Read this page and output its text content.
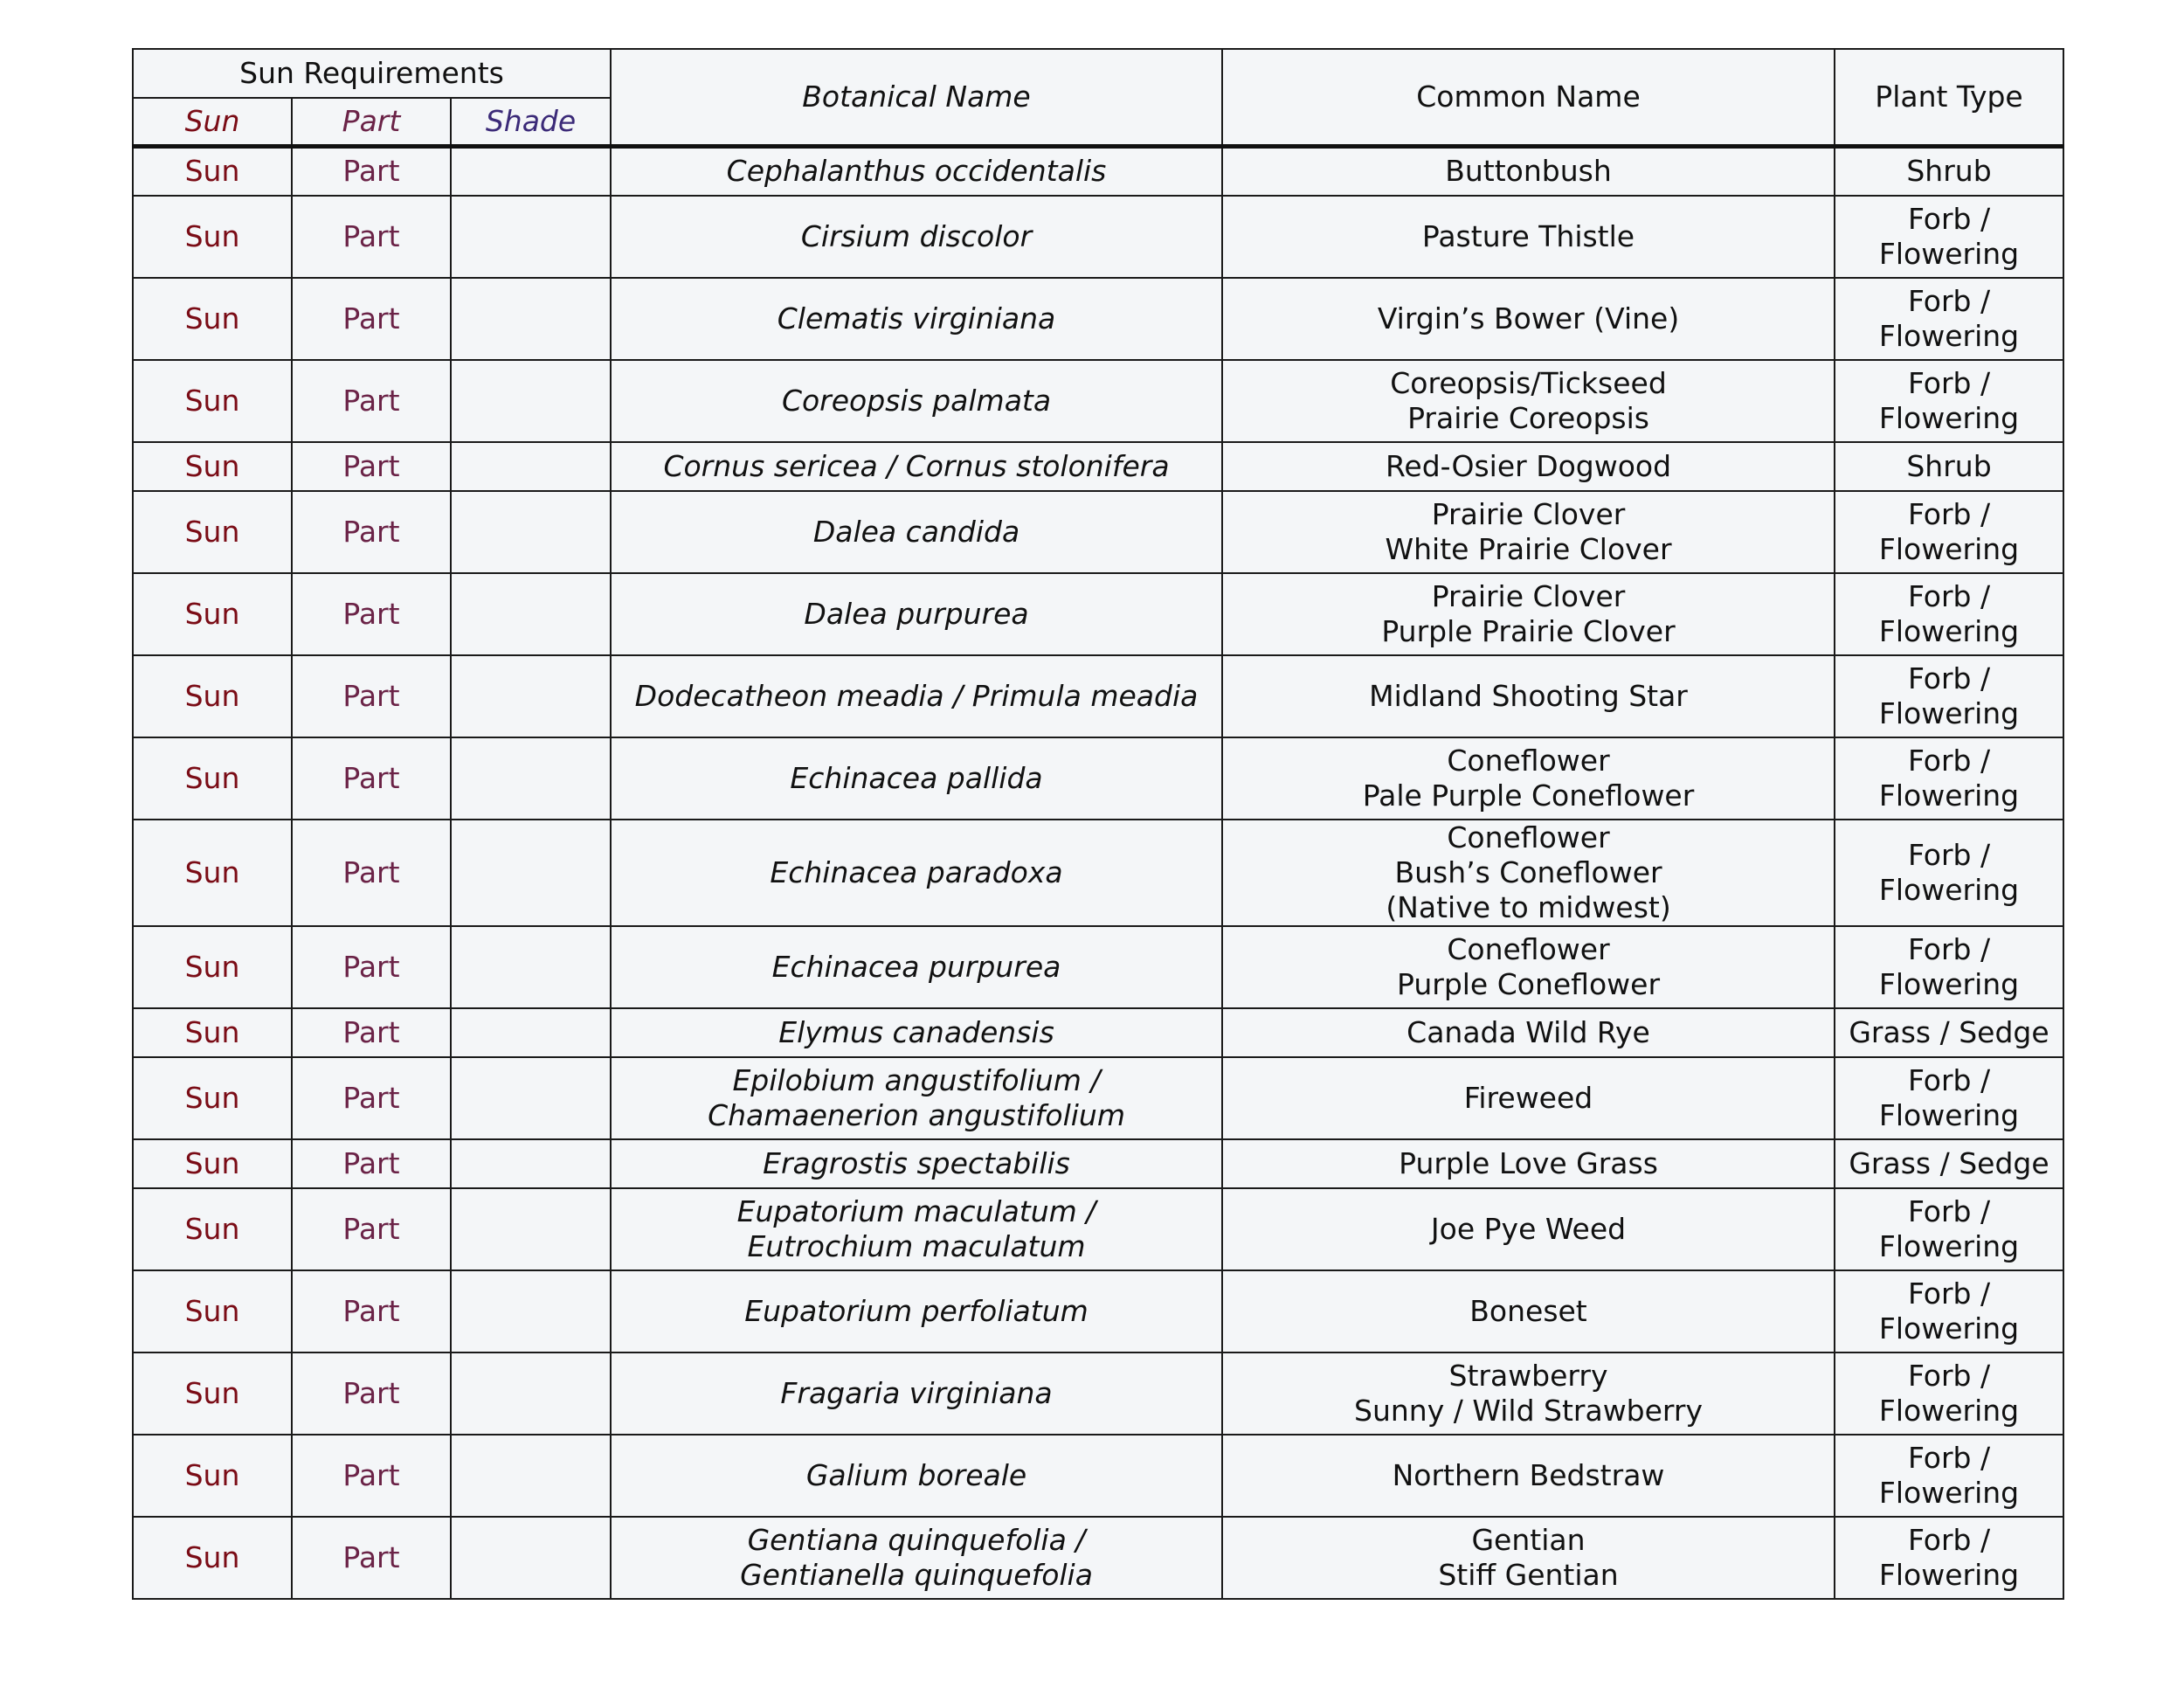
Sun Requirements			Botanical Name	Common Name	Plant Type
Sun	Part	Shade			
Sun	Part		Cephalanthus occidentalis	Buttonbush	Shrub

Sun	Part		Cirsium discolor	Pasture Thistle	Forb /
Flowering

Sun	Part		Clematis virginiana	Virgin’s Bower (Vine)	Forb /
Flowering

Sun	Part		Coreopsis palmata	Coreopsis/Tickseed
Prairie Coreopsis	Forb /
Flowering

Sun	Part		Cornus sericea / Cornus stolonifera	Red-Osier Dogwood	Shrub

Sun	Part		Dalea candida	Prairie Clover
White Prairie Clover	Forb /
Flowering

Sun	Part		Dalea purpurea	Prairie Clover
Purple Prairie Clover	Forb /
Flowering

Sun	Part		Dodecatheon meadia / Primula meadia	Midland Shooting Star	Forb /
Flowering

Sun	Part		Echinacea pallida	Coneflower
Pale Purple Coneflower	Forb /
Flowering

Sun	Part		Echinacea paradoxa	Coneflower
Bush’s Coneflower
(Native to midwest)	Forb /
Flowering

Sun	Part		Echinacea purpurea	Coneflower
Purple Coneflower	Forb /
Flowering

Sun	Part		Elymus canadensis	Canada Wild Rye	Grass / Sedge

Sun	Part		Epilobium angustifolium /
Chamaenerion angustifolium	Fireweed	Forb /
Flowering

Sun	Part		Eragrostis spectabilis	Purple Love Grass	Grass / Sedge

Sun	Part		Eupatorium maculatum /
Eutrochium maculatum	Joe Pye Weed	Forb /
Flowering

Sun	Part		Eupatorium perfoliatum	Boneset	Forb /
Flowering

Sun	Part		Fragaria virginiana	Strawberry
Sunny / Wild Strawberry	Forb /
Flowering

Sun	Part		Galium boreale	Northern Bedstraw	Forb /
Flowering

Sun	Part		Gentiana quinquefolia /
Gentianella quinquefolia	Gentian
Stiff Gentian	Forb /
Flowering
